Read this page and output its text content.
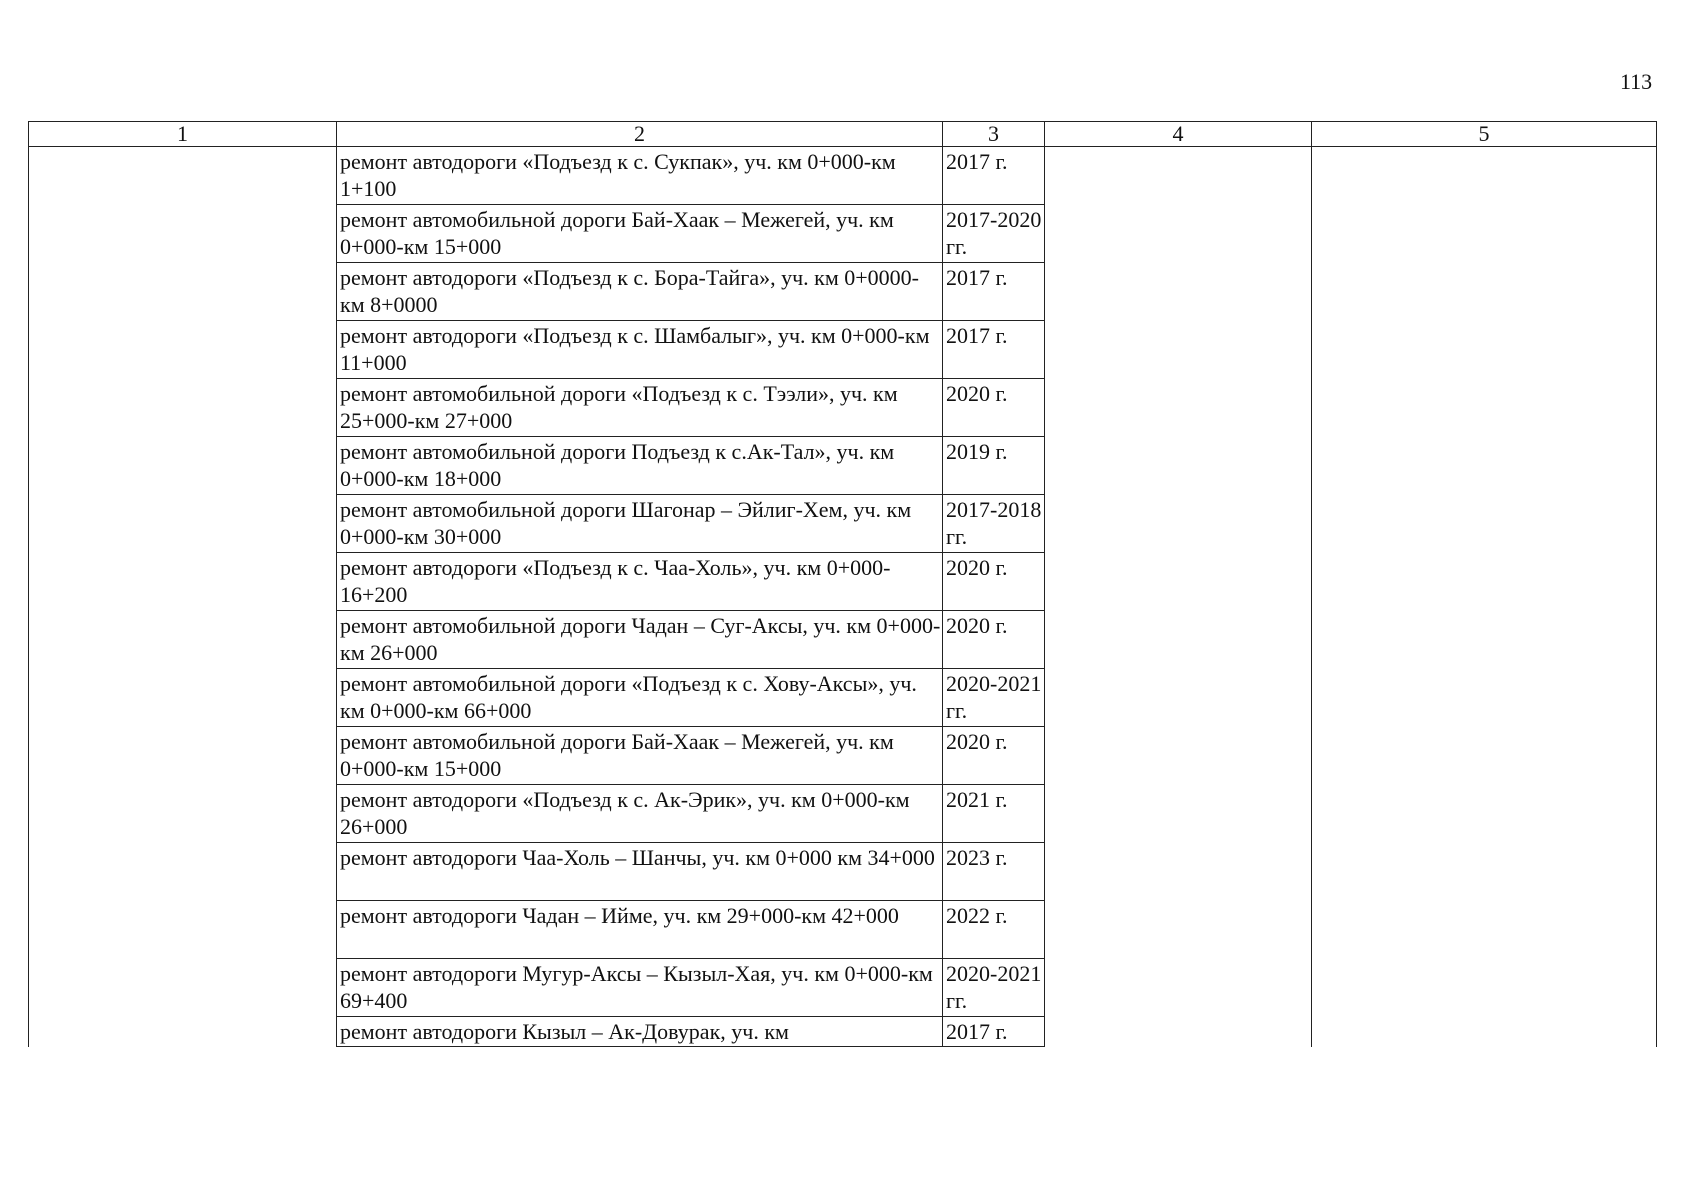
113
1	2	3	4	5
	ремонт автодороги «Подъезд к с. Сукпак», уч. км 0+000-км 1+100	2017 г.		
	ремонт автомобильной дороги Бай-Хаак – Межегей, уч. км 0+000-км 15+000	2017-2020 гг.		
	ремонт автодороги «Подъезд к с. Бора-Тайга», уч. км 0+0000-км 8+0000	2017 г.		
	ремонт автодороги «Подъезд к с. Шамбалыг», уч. км 0+000-км 11+000	2017 г.		
	ремонт автомобильной дороги «Подъезд к с. Тээли», уч. км 25+000-км 27+000	2020 г.		
	ремонт автомобильной дороги Подъезд к с.Ак-Тал», уч. км 0+000-км 18+000	2019 г.		
	ремонт автомобильной дороги Шагонар – Эйлиг-Хем, уч. км 0+000-км 30+000	2017-2018 гг.		
	ремонт автодороги «Подъезд к с. Чаа-Холь», уч. км 0+000-16+200	2020 г.		
	ремонт автомобильной дороги Чадан – Суг-Аксы, уч. км 0+000-км 26+000	2020 г.		
	ремонт автомобильной дороги «Подъезд к с. Хову-Аксы», уч. км 0+000-км 66+000	2020-2021 гг.		
	ремонт автомобильной дороги Бай-Хаак – Межегей, уч. км 0+000-км 15+000	2020 г.		
	ремонт автодороги «Подъезд к с. Ак-Эрик», уч. км 0+000-км 26+000	2021 г.		
	ремонт автодороги Чаа-Холь – Шанчы, уч. км 0+000 км 34+000	2023 г.		
	ремонт автодороги Чадан – Ийме, уч. км 29+000-км 42+000	2022 г.		
	ремонт автодороги Мугур-Аксы – Кызыл-Хая, уч. км 0+000-км 69+400	2020-2021 гг.		
	ремонт автодороги Кызыл – Ак-Довурак, уч. км	2017 г.		
